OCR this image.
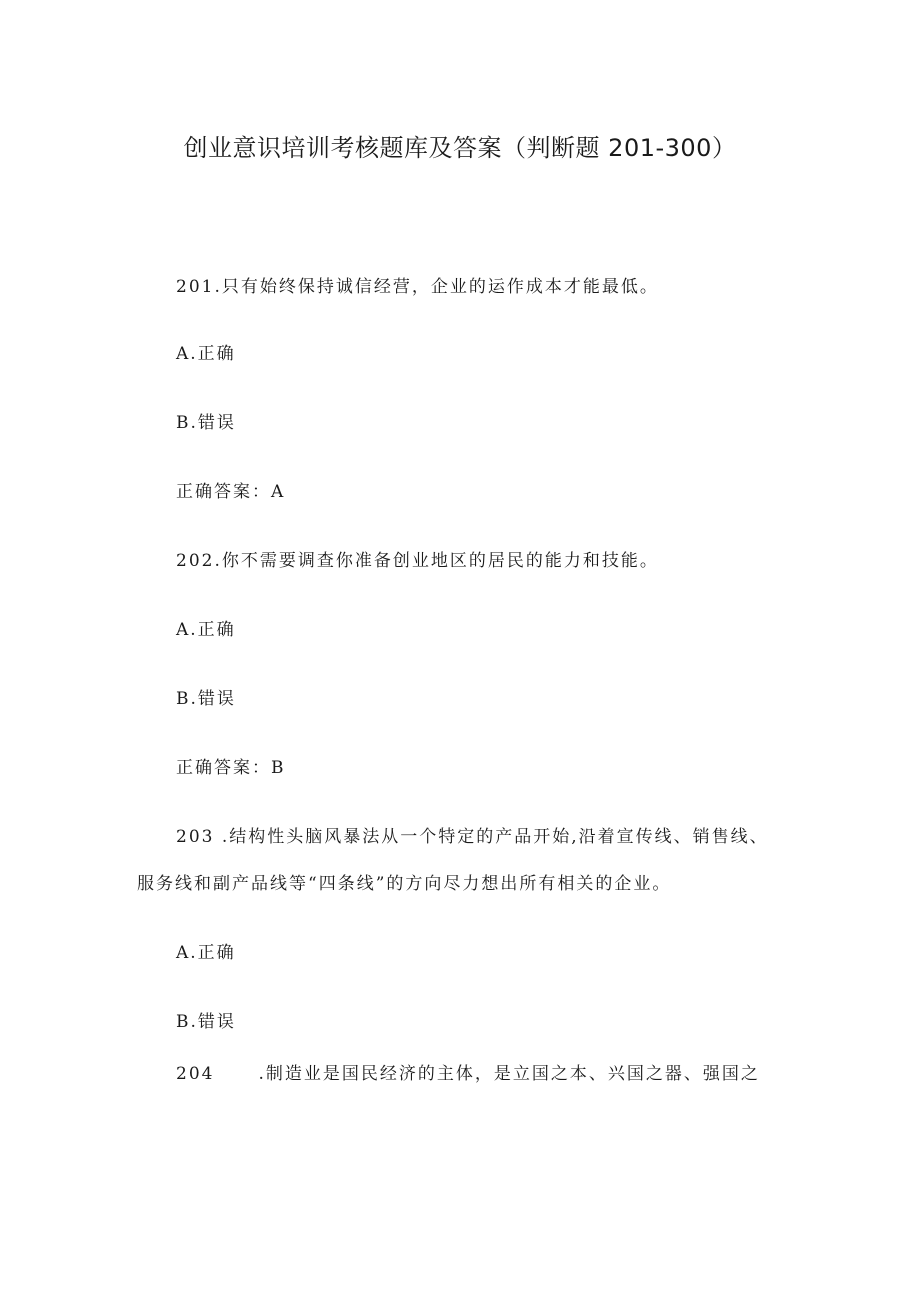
创业意识培训考核题库及答案（判断题 201-300）
201.只有始终保持诚信经营，企业的运作成本才能最低。
A.正确
B.错误
正确答案：A
202.你不需要调查你准备创业地区的居民的能力和技能。
A.正确
B.错误
正确答案：B
203 .结构性头脑风暴法从一个特定的产品开始,沿着宣传线、销售线、
服务线和副产品线等“四条线”的方向尽力想出所有相关的企业。
A.正确
B.错误
204	.制造业是国民经济的主体，是立国之本、兴国之器、强国之
